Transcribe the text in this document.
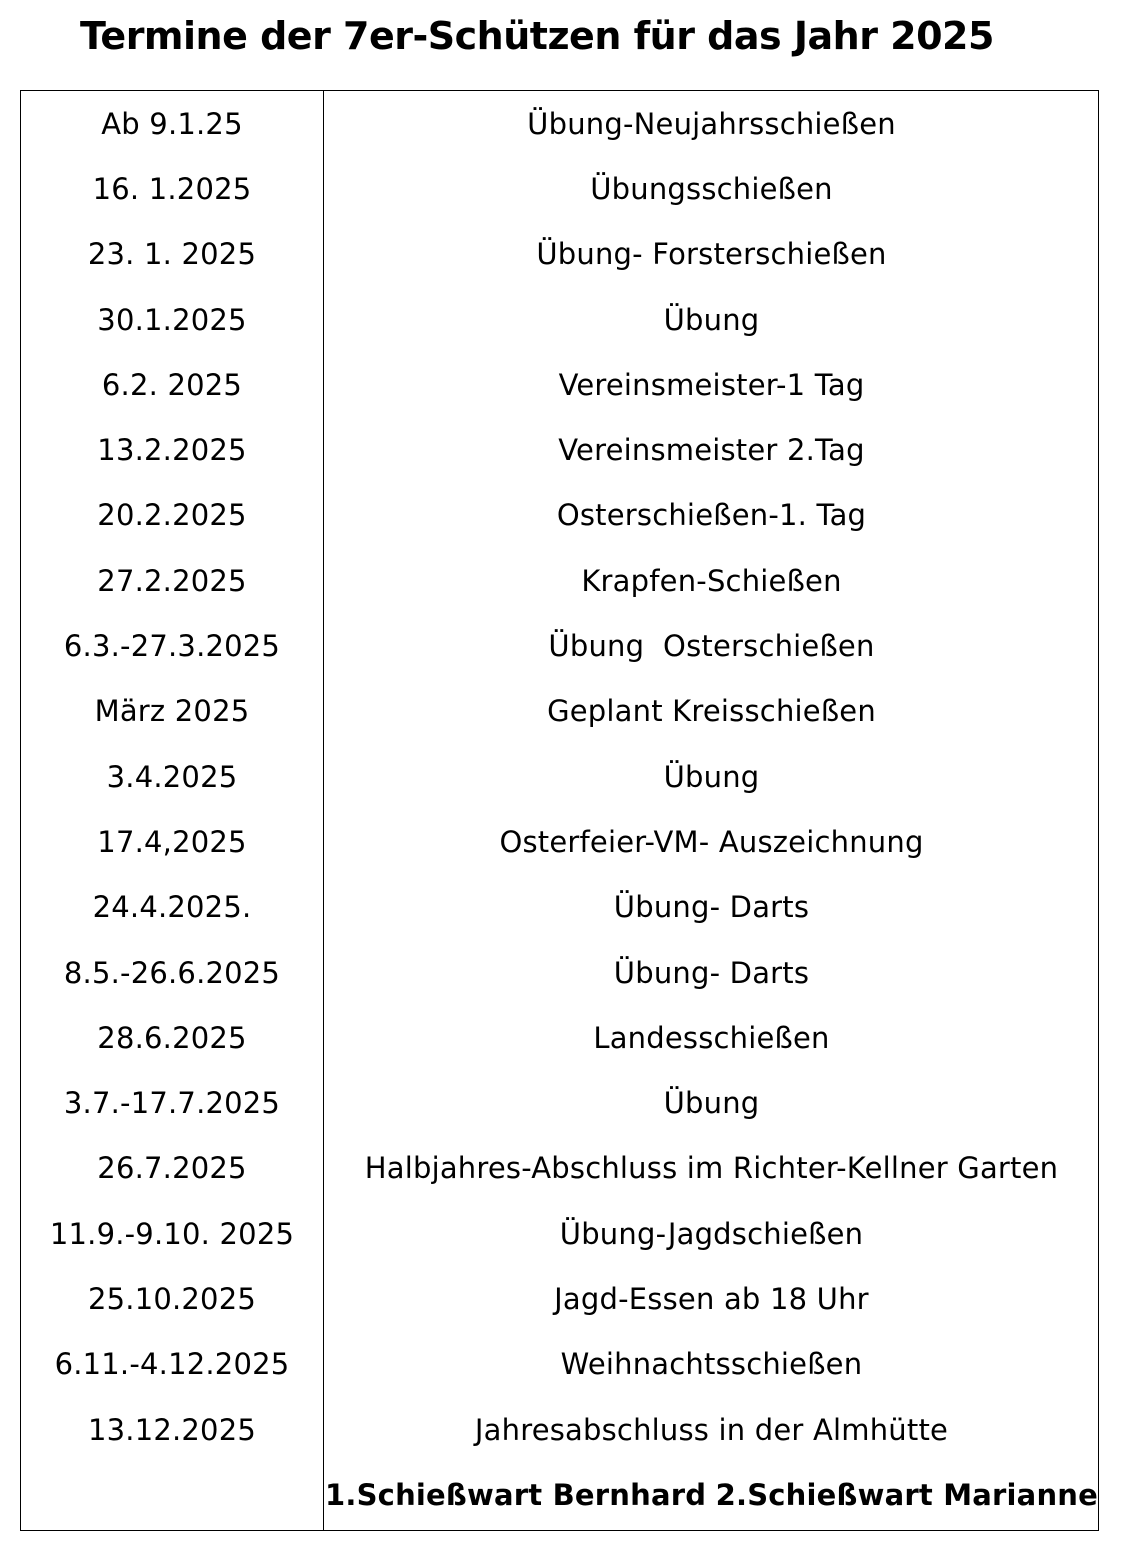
Termine der 7er-Schützen für das Jahr 2025
Ab 9.1.25	Übung-Neujahrsschießen
16. 1.2025	Übungsschießen
23. 1. 2025	Übung- Forsterschießen
30.1.2025	Übung
6.2. 2025	Vereinsmeister-1 Tag
13.2.2025	Vereinsmeister 2.Tag
20.2.2025	Osterschießen-1. Tag
27.2.2025	Krapfen-Schießen
6.3.-27.3.2025	Übung  Osterschießen
März 2025	Geplant Kreisschießen
3.4.2025	Übung
17.4,2025	Osterfeier-VM- Auszeichnung
24.4.2025.	Übung- Darts
8.5.-26.6.2025	Übung- Darts
28.6.2025	Landesschießen
3.7.-17.7.2025	Übung
26.7.2025	Halbjahres-Abschluss im Richter-Kellner Garten
11.9.-9.10. 2025	Übung-Jagdschießen
25.10.2025	Jagd-Essen ab 18 Uhr
6.11.-4.12.2025	Weihnachtsschießen
13.12.2025	Jahresabschluss in der Almhütte
1.Schießwart Bernhard 2.Schießwart Marianne
